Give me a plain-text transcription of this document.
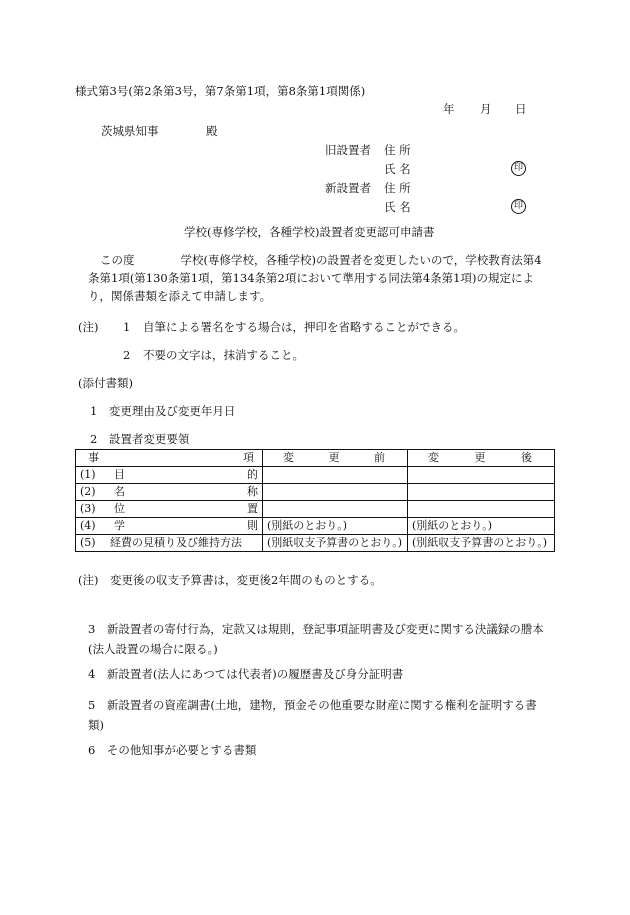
様式第3号(第2条第3号，第7条第1項，第8条第1項関係)
年 月 日
茨城県知事	殿
旧設置者 住 所
氏 名	印
新設置者 住 所
氏 名	印
学校(専修学校，各種学校)設置者変更認可申請書
この度　　　　学校(専修学校，各種学校)の設置者を変更したいので，学校教育法第4条第1項(第130条第1項，第134条第2項において準用する同法第4条第1項)の規定により，関係書類を添えて申請します。
(注) 1 自筆による署名をする場合は，押印を省略することができる。
2 不要の文字は，抹消すること。
(添付書類)
1　変更理由及び変更年月日
2　設置者変更要領
事 項	変 更 前	変 更 後

(1) 目 的		

(2) 名 称		

(3) 位 置		

(4) 学 則	(別紙のとおり。)	(別紙のとおり。)

(5) 経費の見積り及び維持方法	(別紙収支予算書のとおり。)	(別紙収支予算書のとおり。)
(注)　変更後の収支予算書は，変更後2年間のものとする。
3　新設置者の寄付行為，定款又は規則，登記事項証明書及び変更に関する決議録の謄本(法人設置の場合に限る。)
4　新設置者(法人にあつては代表者)の履歴書及び身分証明書
5　新設置者の資産調書(土地，建物，預金その他重要な財産に関する権利を証明する書類)
6　その他知事が必要とする書類
